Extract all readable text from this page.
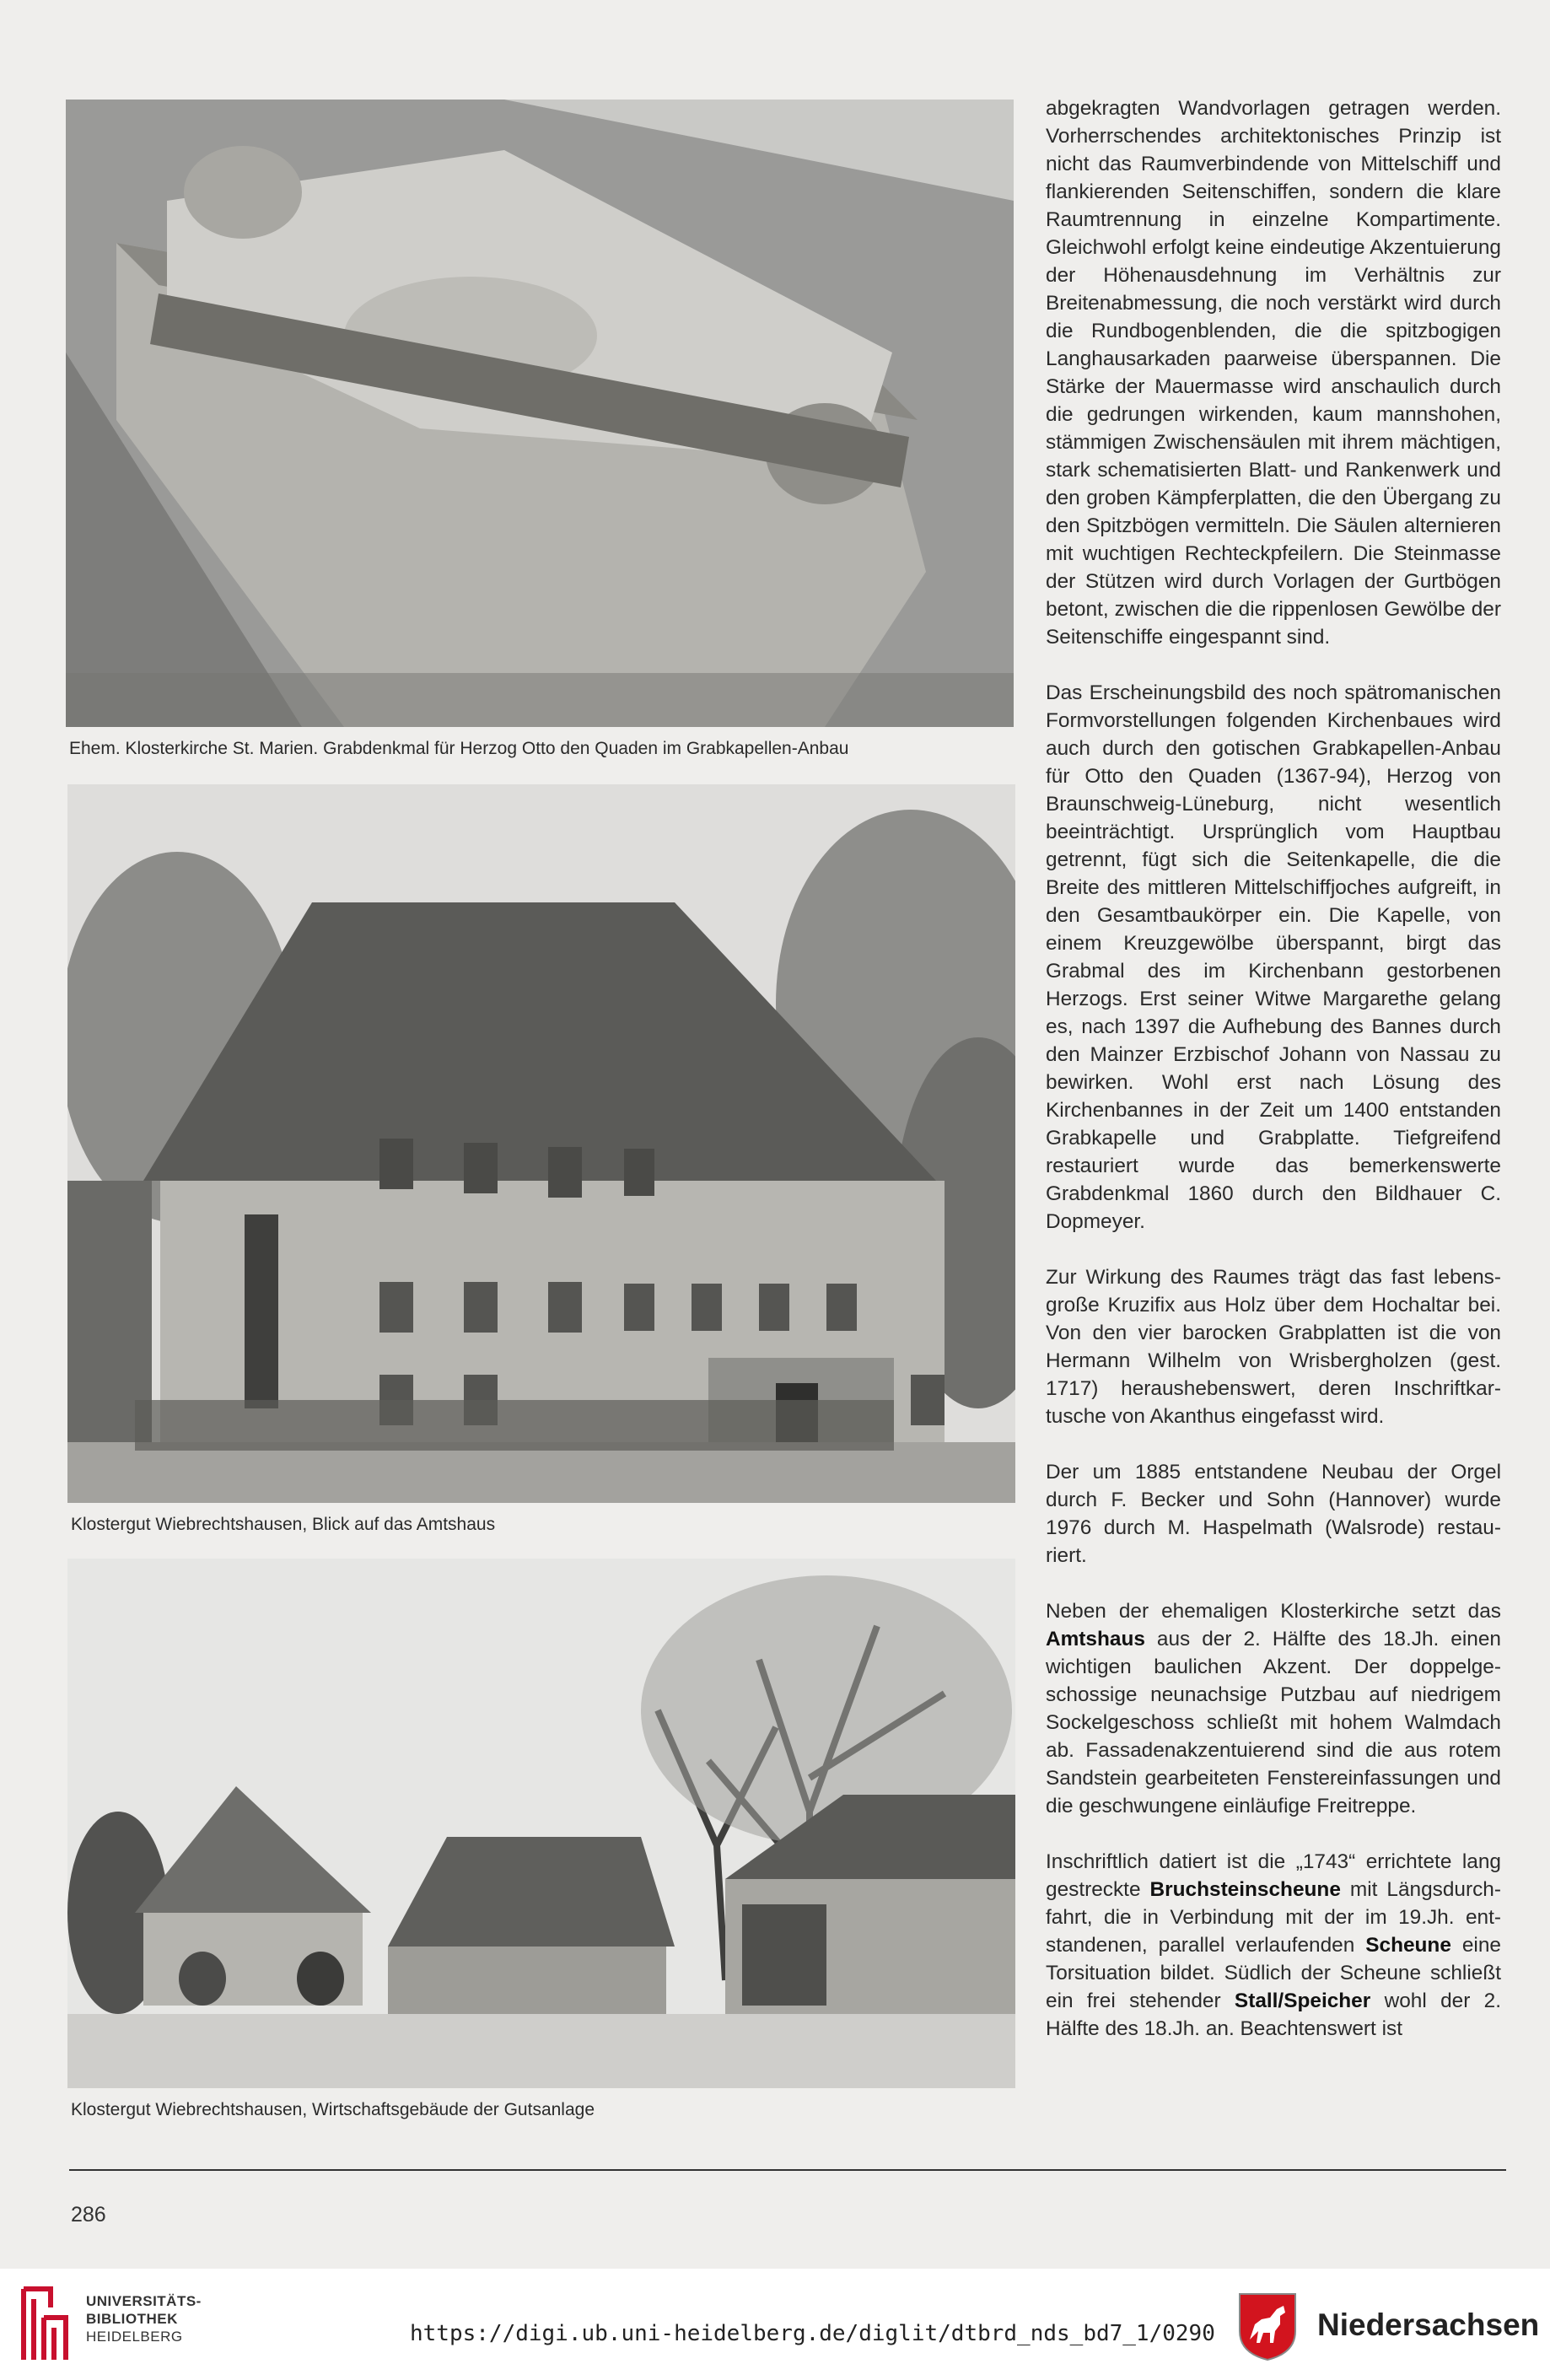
Ehem. Klosterkirche St. Marien. Grabdenkmal für Herzog Otto den Quaden im Grabkapellen-Anbau
Klostergut Wiebrechtshausen, Blick auf das Amtshaus
Klostergut Wiebrechtshausen, Wirtschaftsgebäude der Gutsanlage

abgekragten Wandvorlagen getragen werden. Vorherrschendes architektonisches Prinzip ist nicht das Raumverbindende von Mittelschiff und flankierenden Seitenschiffen, sondern die klare Raumtrennung in einzelne Kompartimente. Gleichwohl erfolgt keine eindeutige Akzentuierung der Höhenausdehnung im Verhältnis zur Breitenabmessung, die noch verstärkt wird durch die Rundbogenblenden, die die spitzbogigen Langhausarkaden paarweise überspannen. Die Stärke der Mauermasse wird anschaulich durch die gedrungen wirkenden, kaum mannshohen, stämmigen Zwischensäulen mit ihrem mächtigen, stark schematisierten Blatt- und Rankenwerk und den groben Kämpferplatten, die den Übergang zu den Spitzbögen vermitteln. Die Säulen alternieren mit wuchtigen Rechteckpfeilern. Die Steinmasse der Stützen wird durch Vorlagen der Gurtbögen betont, zwischen die die rippenlosen Gewölbe der Seitenschiffe eingespannt sind.

Das Erscheinungsbild des noch spätromanischen Formvorstellungen folgenden Kirchenbaues wird auch durch den gotischen Grabkapellen-Anbau für Otto den Quaden (1367-94), Herzog von Braunschweig-Lüneburg, nicht wesentlich beeinträchtigt. Ursprünglich vom Hauptbau getrennt, fügt sich die Seitenkapelle, die die Breite des mittleren Mittelschiffjoches aufgreift, in den Gesamtbaukörper ein. Die Kapelle, von einem Kreuzgewölbe überspannt, birgt das Grabmal des im Kirchenbann gestorbenen Herzogs. Erst seiner Witwe Margarethe gelang es, nach 1397 die Aufhebung des Bannes durch den Mainzer Erzbischof Johann von Nassau zu bewirken. Wohl erst nach Lösung des Kirchenbannes in der Zeit um 1400 entstanden Grabkapelle und Grabplatte. Tiefgreifend restauriert wurde das bemerkenswerte Grabdenkmal 1860 durch den Bildhauer C. Dopmeyer.

Zur Wirkung des Raumes trägt das fast lebensgroße Kruzifix aus Holz über dem Hochaltar bei. Von den vier barocken Grabplatten ist die von Hermann Wilhelm von Wrisbergholzen (gest. 1717) heraushebenswert, deren Inschriftkartusche von Akanthus eingefasst wird.

Der um 1885 entstandene Neubau der Orgel durch F. Becker und Sohn (Hannover) wurde 1976 durch M. Haspelmath (Walsrode) restauriert.

Neben der ehemaligen Klosterkirche setzt das Amtshaus aus der 2. Hälfte des 18.Jh. einen wichtigen baulichen Akzent. Der doppelgeschossige neunachsige Putzbau auf niedrigem Sockelgeschoss schließt mit hohem Walmdach ab. Fassadenakzentuierend sind die aus rotem Sandstein gearbeiteten Fenstereinfassungen und die geschwungene einläufige Freitreppe.

Inschriftlich datiert ist die „1743“ errichtete lang gestreckte Bruchsteinscheune mit Längsdurchfahrt, die in Verbindung mit der im 19.Jh. entstandenen, parallel verlaufenden Scheune eine Torsituation bildet. Südlich der Scheune schließt ein frei stehender Stall/Speicher wohl der 2. Hälfte des 18.Jh. an. Beachtenswert ist

286
UNIVERSITÄTS-
BIBLIOTHEK
HEIDELBERG	https://digi.ub.uni-heidelberg.de/diglit/dtbrd_nds_bd7_1/0290	Niedersachsen
